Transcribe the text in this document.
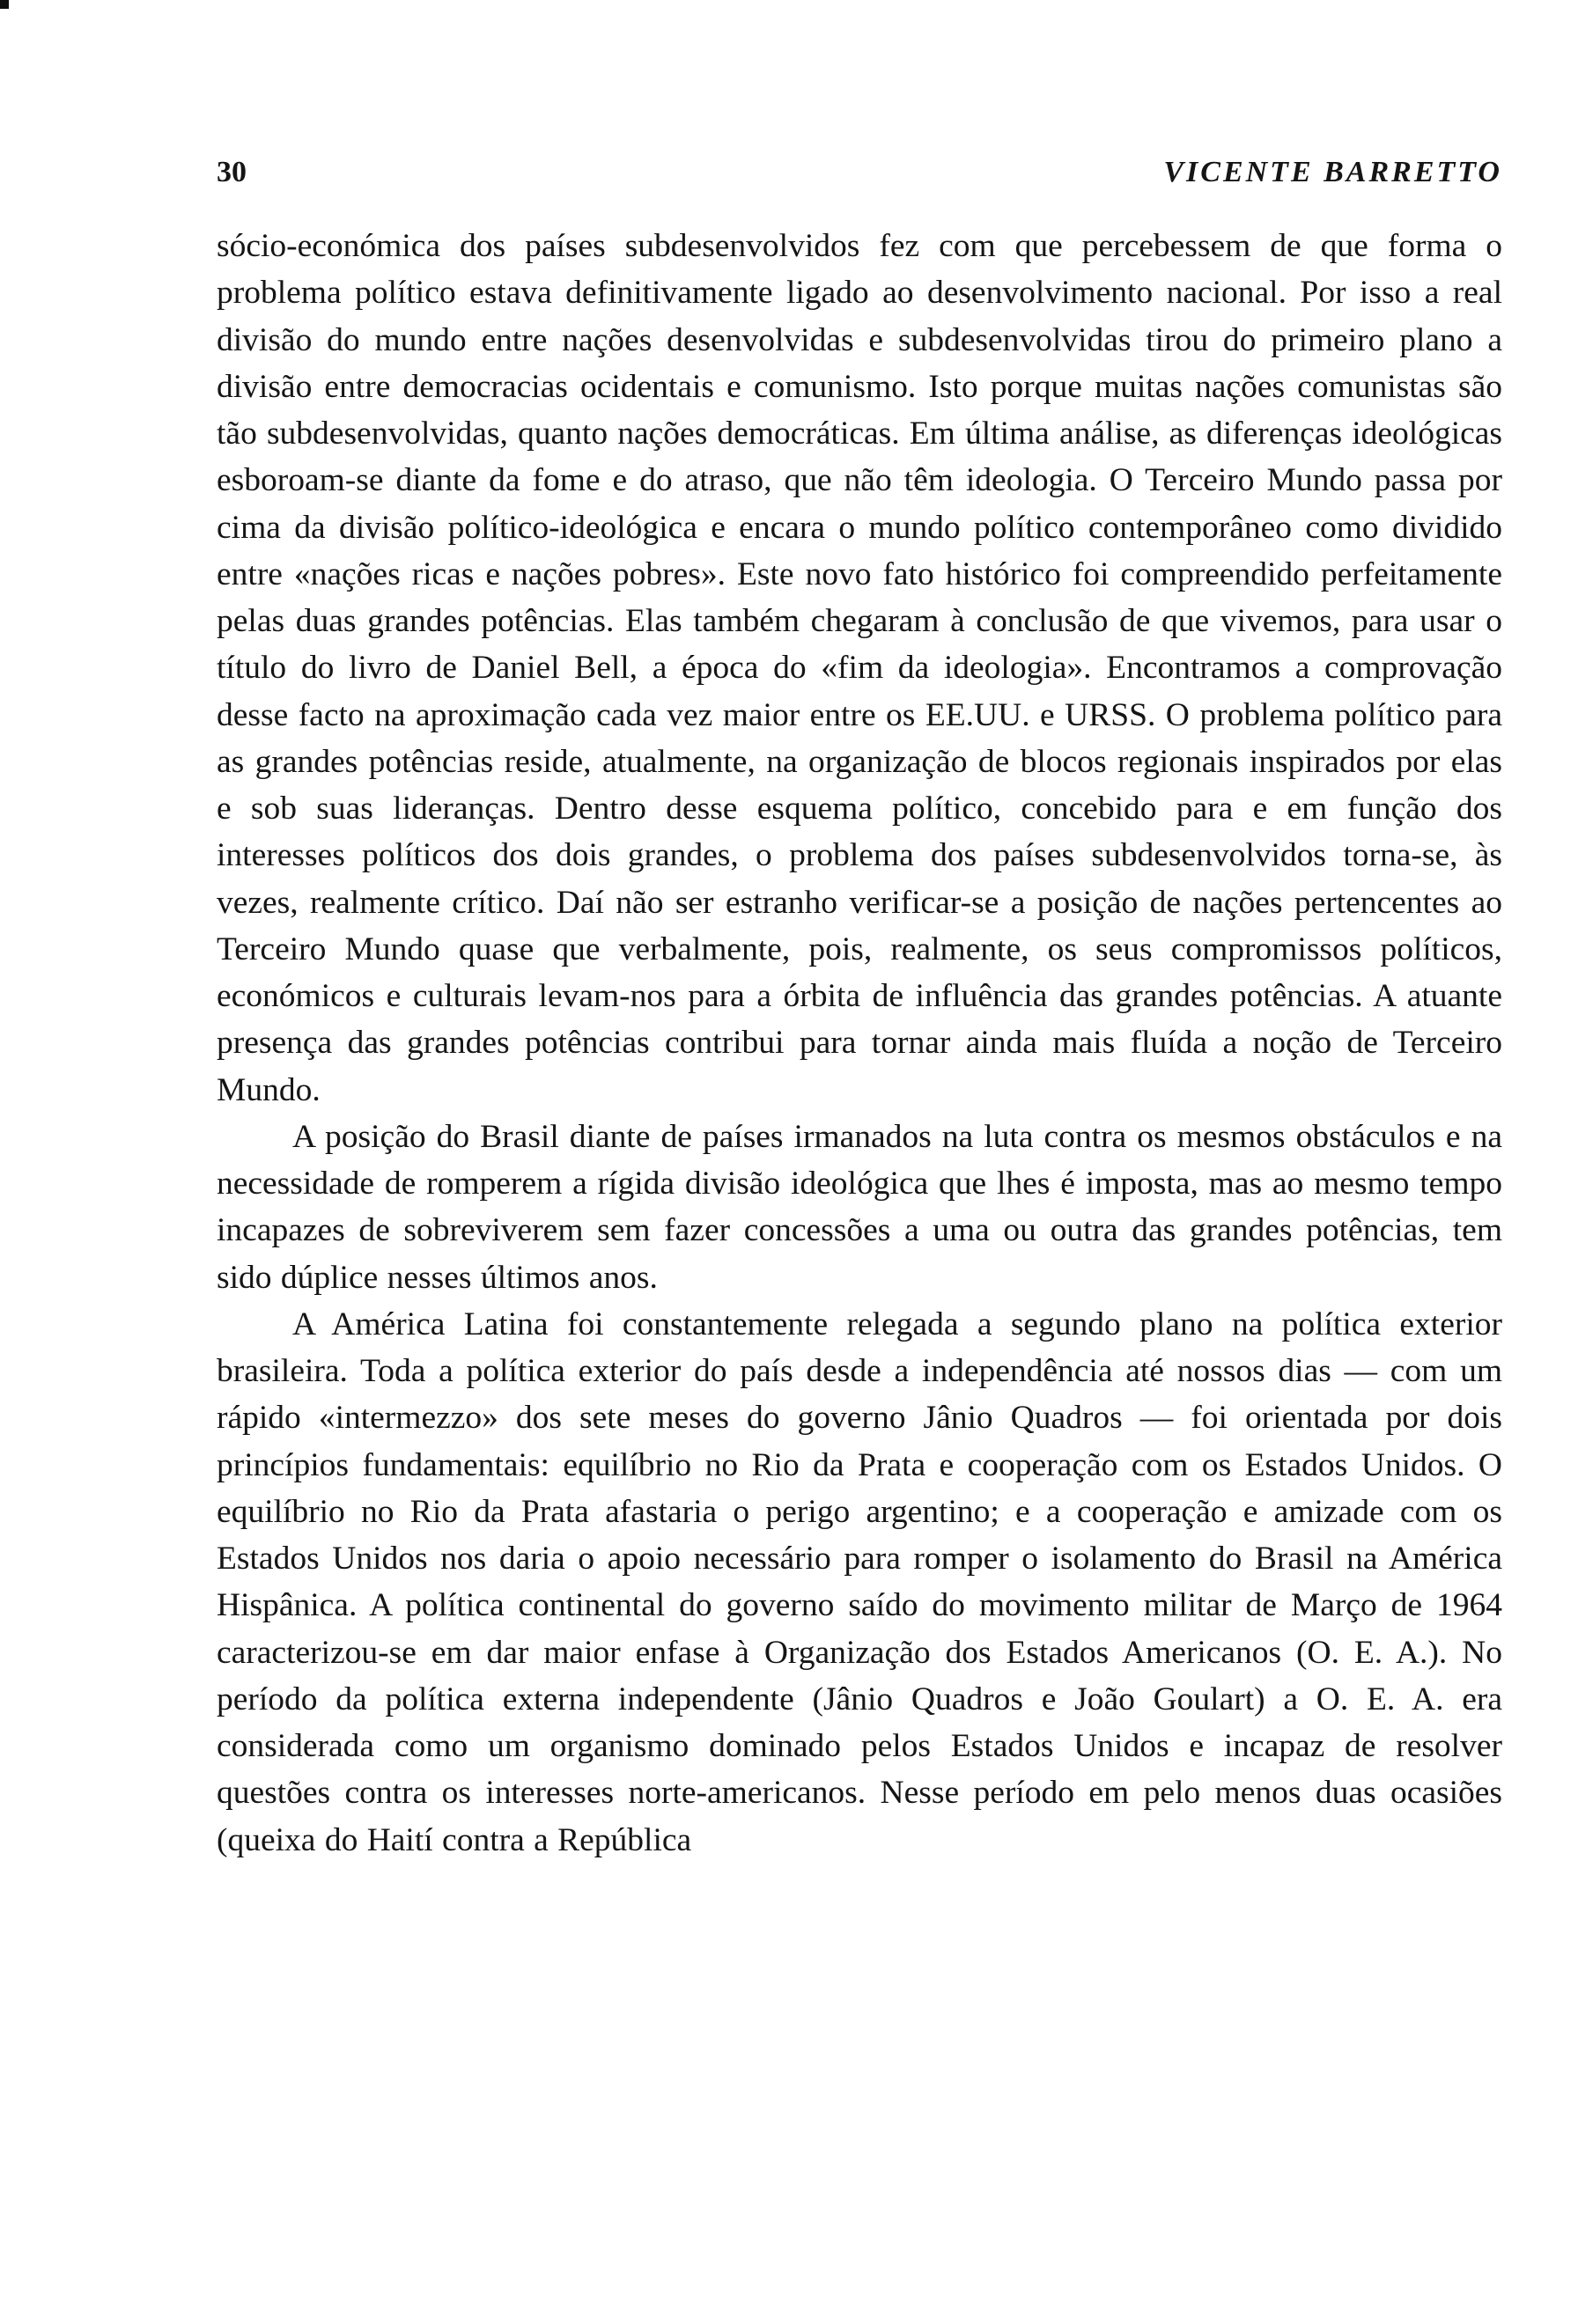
30	VICENTE BARRETTO

sócio-económica dos países subdesenvolvidos fez com que percebessem de que forma o problema político estava definitivamente ligado ao desenvolvimento nacional. Por isso a real divisão do mundo entre nações desenvolvidas e subdesenvolvidas tirou do primeiro plano a divisão entre democracias ocidentais e comunismo. Isto porque muitas nações comunistas são tão subdesenvolvidas, quanto nações democráticas. Em última análise, as diferenças ideológicas esboroam-se diante da fome e do atraso, que não têm ideologia. O Terceiro Mundo passa por cima da divisão político-ideológica e encara o mundo político contemporâneo como dividido entre «nações ricas e nações pobres». Este novo fato histórico foi compreendido perfeitamente pelas duas grandes potências. Elas também chegaram à conclusão de que vivemos, para usar o título do livro de Daniel Bell, a época do «fim da ideologia». Encontramos a comprovação desse facto na aproximação cada vez maior entre os EE.UU. e URSS. O problema político para as grandes potências reside, atualmente, na organização de blocos regionais inspirados por elas e sob suas lideranças. Dentro desse esquema político, concebido para e em função dos interesses políticos dos dois grandes, o problema dos países subdesenvolvidos torna-se, às vezes, realmente crítico. Daí não ser estranho verificar-se a posição de nações pertencentes ao Terceiro Mundo quase que verbalmente, pois, realmente, os seus compromissos políticos, económicos e culturais levam-nos para a órbita de influência das grandes potências. A atuante presença das grandes potências contribui para tornar ainda mais fluída a noção de Terceiro Mundo.

A posição do Brasil diante de países irmanados na luta contra os mesmos obstáculos e na necessidade de romperem a rígida divisão ideológica que lhes é imposta, mas ao mesmo tempo incapazes de sobreviverem sem fazer concessões a uma ou outra das grandes potências, tem sido dúplice nesses últimos anos.

A América Latina foi constantemente relegada a segundo plano na política exterior brasileira. Toda a política exterior do país desde a independência até nossos dias — com um rápido «intermezzo» dos sete meses do governo Jânio Quadros — foi orientada por dois princípios fundamentais: equilíbrio no Rio da Prata e cooperação com os Estados Unidos. O equilíbrio no Rio da Prata afastaria o perigo argentino; e a cooperação e amizade com os Estados Unidos nos daria o apoio necessário para romper o isolamento do Brasil na América Hispânica. A política continental do governo saído do movimento militar de Março de 1964 caracterizou-se em dar maior enfase à Organização dos Estados Americanos (O. E. A.). No período da política externa independente (Jânio Quadros e João Goulart) a O. E. A. era considerada como um organismo dominado pelos Estados Unidos e incapaz de resolver questões contra os interesses norte-americanos. Nesse período em pelo menos duas ocasiões (queixa do Haití contra a República
